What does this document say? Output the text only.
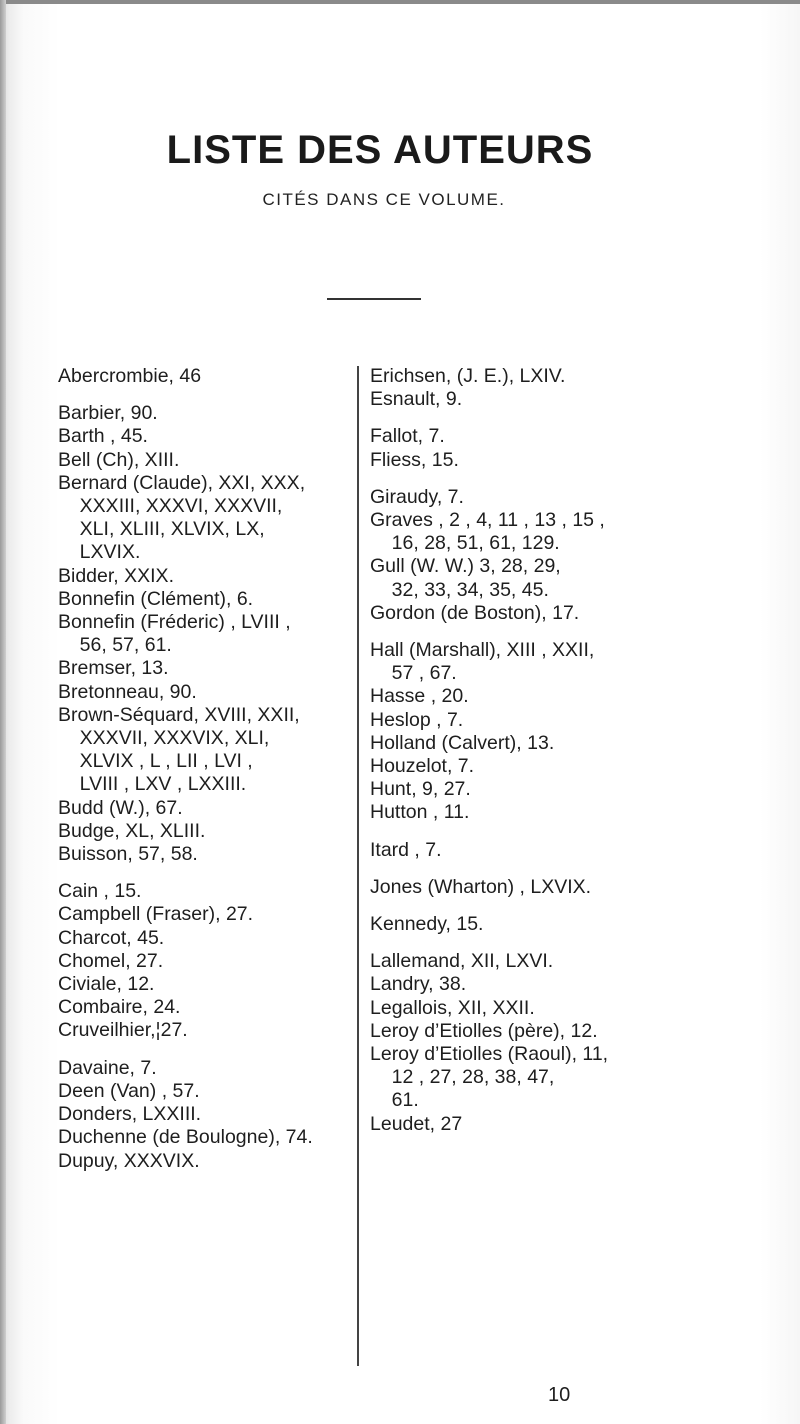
LISTE DES AUTEURS
CITÉS DANS CE VOLUME.
Abercrombie, 46
Barbier, 90.
Barth , 45.
Bell (Ch), XIII.
Bernard (Claude), XXI, XXX,
XXXIII, XXXVI, XXXVII,
XLI, XLIII, XLVIX, LX,
LXVIX.
Bidder, XXIX.
Bonnefin (Clément), 6.
Bonnefin (Fréderic) , LVIII ,
56, 57, 61.
Bremser, 13.
Bretonneau, 90.
Brown-Séquard, XVIII, XXII,
XXXVII, XXXVIX, XLI,
XLVIX , L , LII , LVI ,
LVIII , LXV , LXXIII.
Budd (W.), 67.
Budge, XL, XLIII.
Buisson, 57, 58.
Cain , 15.
Campbell (Fraser), 27.
Charcot, 45.
Chomel, 27.
Civiale, 12.
Combaire, 24.
Cruveilhier,¦27.
Davaine, 7.
Deen (Van) , 57.
Donders, LXXIII.
Duchenne (de Boulogne), 74.
Dupuy, XXXVIX.
Erichsen, (J. E.), LXIV.
Esnault, 9.
Fallot, 7.
Fliess, 15.
Giraudy, 7.
Graves , 2 , 4, 11 , 13 , 15 ,
16, 28, 51, 61, 129.
Gull (W. W.) 3, 28, 29,
32, 33, 34, 35, 45.
Gordon (de Boston), 17.
Hall (Marshall), XIII , XXII,
57 , 67.
Hasse , 20.
Heslop , 7.
Holland (Calvert), 13.
Houzelot, 7.
Hunt, 9, 27.
Hutton , 11.
Itard , 7.
Jones (Wharton) , LXVIX.
Kennedy, 15.
Lallemand, XII, LXVI.
Landry, 38.
Legallois, XII, XXII.
Leroy d’Etiolles (père), 12.
Leroy d’Etiolles (Raoul), 11,
12 , 27, 28, 38, 47,
61.
Leudet, 27
10
